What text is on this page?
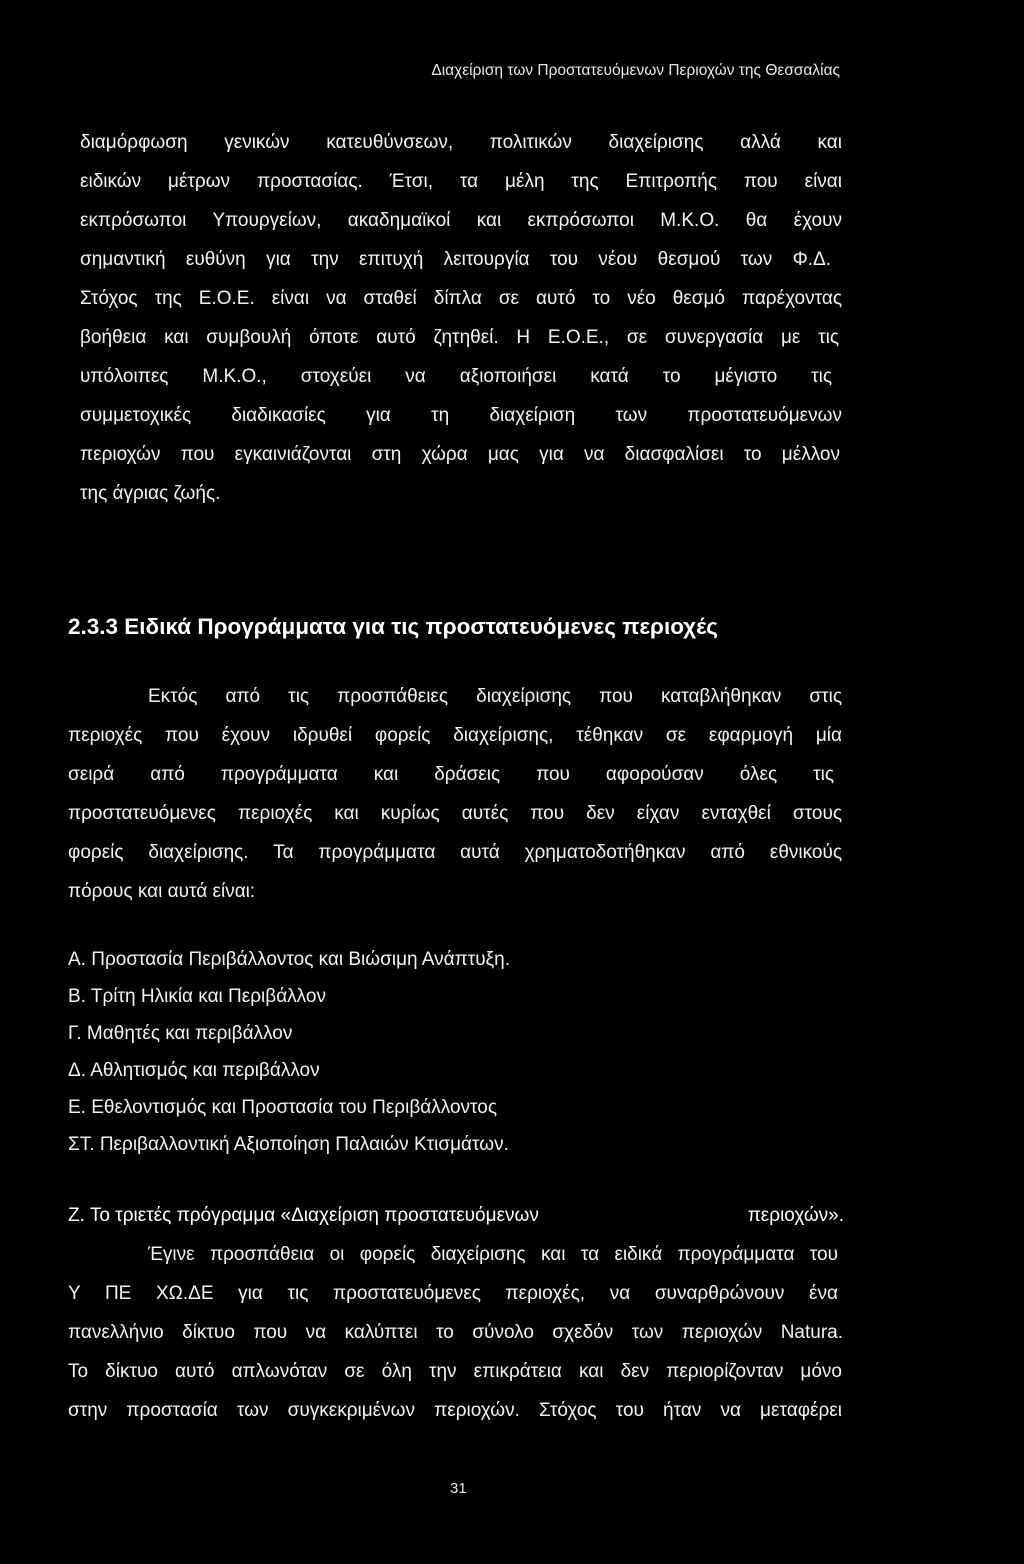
Διαχείριση των Προστατευόμενων Περιοχών της Θεσσαλίας
διαμόρφωση γενικών κατευθύνσεων, πολιτικών διαχείρισης αλλά και
ειδικών μέτρων προστασίας. Έτσι, τα μέλη της Επιτροπής που είναι
εκπρόσωποι Υπουργείων, ακαδημαϊκοί και εκπρόσωποι Μ.Κ.Ο. θα έχουν
σημαντική ευθύνη για την επιτυχή λειτουργία του νέου θεσμού των Φ.Δ.
Στόχος της Ε.Ο.Ε. είναι να σταθεί δίπλα σε αυτό το νέο θεσμό παρέχοντας
βοήθεια και συμβουλή όποτε αυτό ζητηθεί. Η Ε.Ο.Ε., σε συνεργασία με τις
υπόλοιπες Μ.Κ.Ο., στοχεύει να αξιοποιήσει κατά το μέγιστο τις
συμμετοχικές διαδικασίες για τη διαχείριση των προστατευόμενων
περιοχών που εγκαινιάζονται στη χώρα μας για να διασφαλίσει το μέλλον
της άγριας ζωής.
2.3.3 Ειδικά Προγράμματα για τις προστατευόμενες περιοχές
Εκτός από τις προσπάθειες διαχείρισης που καταβλήθηκαν στις
περιοχές που έχουν ιδρυθεί φορείς διαχείρισης, τέθηκαν σε εφαρμογή μία
σειρά από προγράμματα και δράσεις που αφορούσαν όλες τις
προστατευόμενες περιοχές και κυρίως αυτές που δεν είχαν ενταχθεί στους
φορείς διαχείρισης. Τα προγράμματα αυτά χρηματοδοτήθηκαν από εθνικούς
πόρους και αυτά είναι:
Α. Προστασία Περιβάλλοντος και Βιώσιμη Ανάπτυξη.
Β. Τρίτη Ηλικία και Περιβάλλον
Γ. Μαθητές και περιβάλλον
Δ. Αθλητισμός και περιβάλλον
Ε. Εθελοντισμός και Προστασία του Περιβάλλοντος
ΣΤ. Περιβαλλοντική Αξιοποίηση Παλαιών Κτισμάτων.
Ζ. Το τριετές πρόγραμμα «Διαχείριση προστατευόμενων	περιοχών».
Έγινε προσπάθεια οι φορείς διαχείρισης και τα ειδικά προγράμματα του
Υ ΠΕ ΧΩ.ΔΕ για τις προστατευόμενες περιοχές, να συναρθρώνουν ένα
πανελλήνιο δίκτυο που να καλύπτει το σύνολο σχεδόν των περιοχών Natura.
Το δίκτυο αυτό απλωνόταν σε όλη την επικράτεια και δεν περιορίζονταν μόνο
στην προστασία των συγκεκριμένων περιοχών. Στόχος του ήταν να μεταφέρει
31
